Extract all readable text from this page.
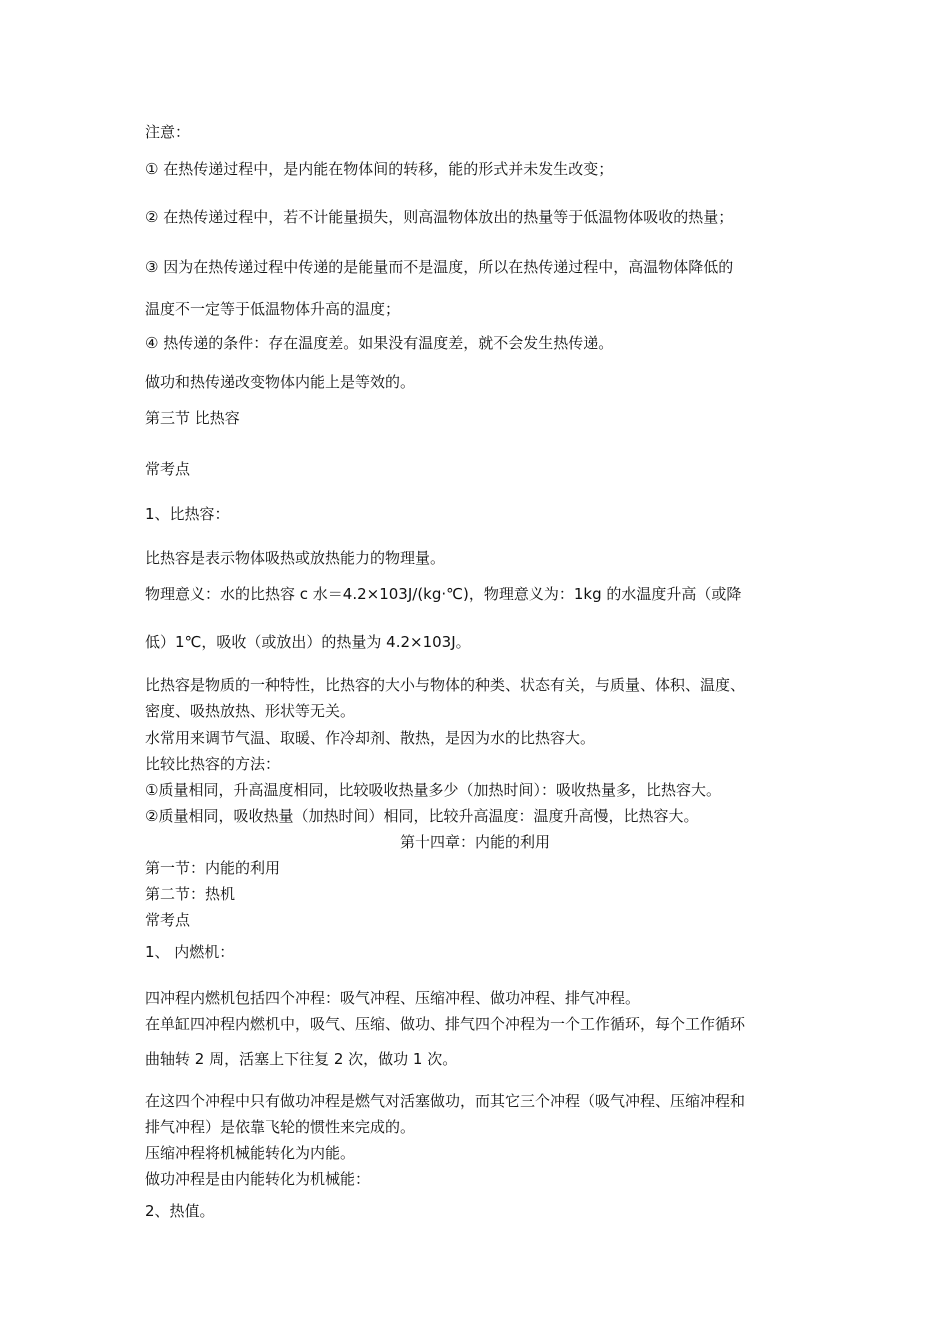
注意：
① 在热传递过程中，是内能在物体间的转移，能的形式并未发生改变；
② 在热传递过程中，若不计能量损失，则高温物体放出的热量等于低温物体吸收的热量；
③ 因为在热传递过程中传递的是能量而不是温度，所以在热传递过程中，高温物体降低的
温度不一定等于低温物体升高的温度；
④ 热传递的条件：存在温度差。如果没有温度差，就不会发生热传递。
做功和热传递改变物体内能上是等效的。
第三节 比热容
常考点
1、比热容：
比热容是表示物体吸热或放热能力的物理量。
物理意义：水的比热容 c 水＝4.2×103J/(kg·℃)，物理意义为：1kg 的水温度升高（或降
低）1℃，吸收（或放出）的热量为 4.2×103J。
比热容是物质的一种特性，比热容的大小与物体的种类、状态有关，与质量、体积、温度、
密度、吸热放热、形状等无关。
水常用来调节气温、取暖、作冷却剂、散热，是因为水的比热容大。
比较比热容的方法：
①质量相同，升高温度相同，比较吸收热量多少（加热时间）：吸收热量多，比热容大。
②质量相同，吸收热量（加热时间）相同，比较升高温度：温度升高慢，比热容大。
第十四章：内能的利用
第一节：内能的利用
第二节：热机
常考点
1、 内燃机：
四冲程内燃机包括四个冲程：吸气冲程、压缩冲程、做功冲程、排气冲程。
在单缸四冲程内燃机中，吸气、压缩、做功、排气四个冲程为一个工作循环，每个工作循环
曲轴转 2 周，活塞上下往复 2 次，做功 1 次。
在这四个冲程中只有做功冲程是燃气对活塞做功，而其它三个冲程（吸气冲程、压缩冲程和
排气冲程）是依靠飞轮的惯性来完成的。
压缩冲程将机械能转化为内能。
做功冲程是由内能转化为机械能：
2、热值。
